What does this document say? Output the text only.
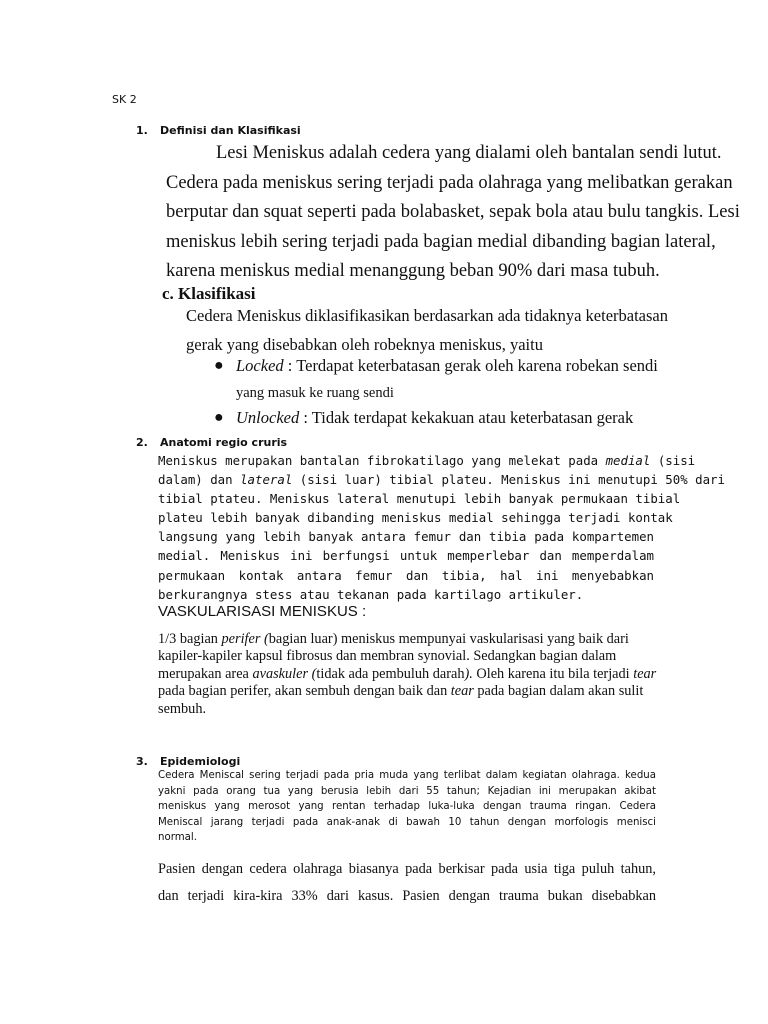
SK 2
1. Definisi dan Klasifikasi
Lesi Meniskus adalah cedera yang dialami oleh bantalan sendi lutut.
Cedera pada meniskus sering terjadi pada olahraga yang melibatkan gerakan
berputar dan squat seperti pada bolabasket, sepak bola atau bulu tangkis. Lesi
meniskus lebih sering terjadi pada bagian medial dibanding bagian lateral,
karena meniskus medial menanggung beban 90% dari masa tubuh.
c. Klasifikasi
Cedera Meniskus diklasifikasikan berdasarkan ada tidaknya keterbatasan
gerak yang disebabkan oleh robeknya meniskus, yaitu
● Locked : Terdapat keterbatasan gerak oleh karena robekan sendi
yang masuk ke ruang sendi
● Unlocked : Tidak terdapat kekakuan atau keterbatasan gerak
2. Anatomi regio cruris
Meniskus merupakan bantalan fibrokatilago yang melekat pada medial (sisi
dalam) dan lateral (sisi luar) tibial plateu. Meniskus ini menutupi 50% dari
tibial ptateu. Meniskus lateral menutupi lebih banyak permukaan tibial
plateu lebih banyak dibanding meniskus medial sehingga terjadi kontak
langsung yang lebih banyak antara femur dan tibia pada kompartemen
medial. Meniskus ini berfungsi untuk memperlebar dan memperdalam
permukaan kontak antara femur dan tibia, hal ini menyebabkan
berkurangnya stess atau tekanan pada kartilago artikuler.
VASKULARISASI MENISKUS :
1/3 bagian perifer (bagian luar) meniskus mempunyai vaskularisasi yang baik dari kapiler-kapiler kapsul fibrosus dan membran synovial. Sedangkan bagian dalam merupakan area avaskuler (tidak ada pembuluh darah). Oleh karena itu bila terjadi tear pada bagian perifer, akan sembuh dengan baik dan tear pada bagian dalam akan sulit sembuh.
3. Epidemiologi
Cedera Meniscal sering terjadi pada pria muda yang terlibat dalam kegiatan olahraga. kedua
yakni pada orang tua yang berusia lebih dari 55 tahun; Kejadian ini merupakan akibat
meniskus yang merosot yang rentan terhadap luka-luka dengan trauma ringan. Cedera
Meniscal jarang terjadi pada anak-anak di bawah 10 tahun dengan morfologis menisci
normal.
Pasien dengan cedera olahraga biasanya pada berkisar pada usia tiga puluh tahun,
dan terjadi kira-kira 33% dari kasus. Pasien dengan trauma bukan disebabkan
